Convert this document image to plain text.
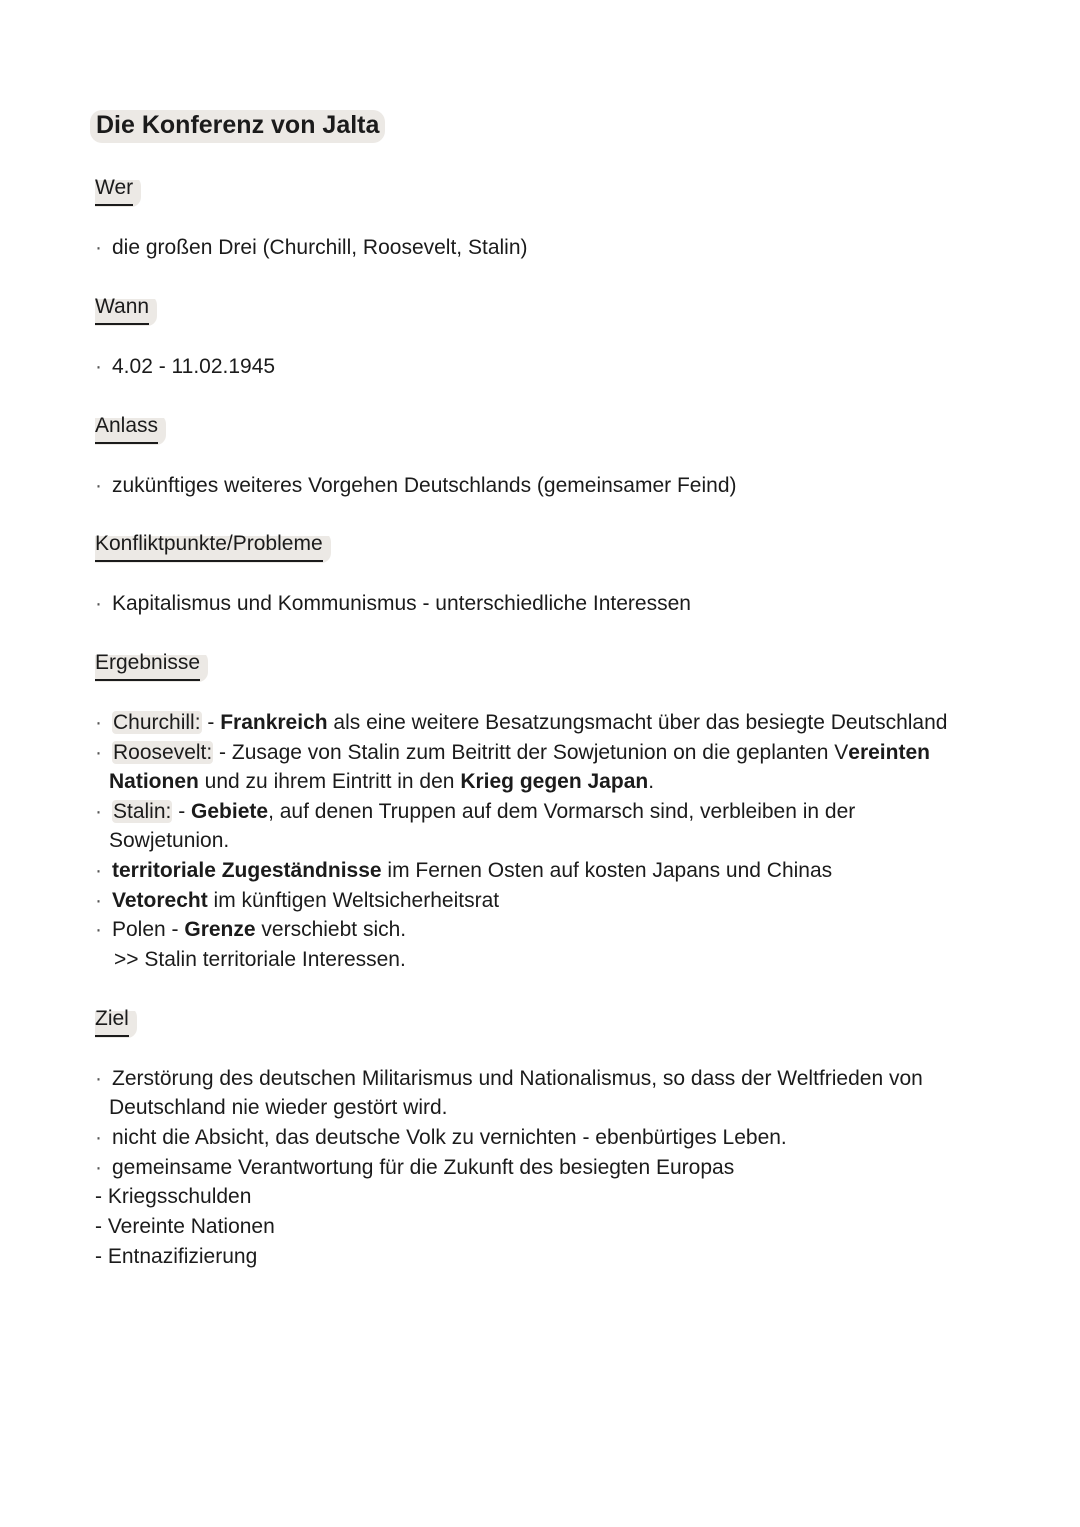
Die Konferenz von Jalta
Wer
· die großen Drei (Churchill, Roosevelt, Stalin)
Wann
· 4.02 - 11.02.1945
Anlass
· zukünftiges weiteres Vorgehen Deutschlands (gemeinsamer Feind)
Konfliktpunkte/Probleme
· Kapitalismus und Kommunismus - unterschiedliche Interessen
Ergebnisse
· Churchill: - Frankreich als eine weitere Besatzungsmacht über das besiegte Deutschland
· Roosevelt: - Zusage von Stalin zum Beitritt der Sowjetunion on die geplanten Vereinten
Nationen und zu ihrem Eintritt in den Krieg gegen Japan.
· Stalin: - Gebiete, auf denen Truppen auf dem Vormarsch sind, verbleiben in der
Sowjetunion.
· territoriale Zugeständnisse im Fernen Osten auf kosten Japans und Chinas
· Vetorecht im künftigen Weltsicherheitsrat
· Polen - Grenze verschiebt sich.
>> Stalin territoriale Interessen.
Ziel
· Zerstörung des deutschen Militarismus und Nationalismus, so dass der Weltfrieden von
Deutschland nie wieder gestört wird.
· nicht die Absicht, das deutsche Volk zu vernichten - ebenbürtiges Leben.
· gemeinsame Verantwortung für die Zukunft des besiegten Europas
- Kriegsschulden
- Vereinte Nationen
- Entnazifizierung
